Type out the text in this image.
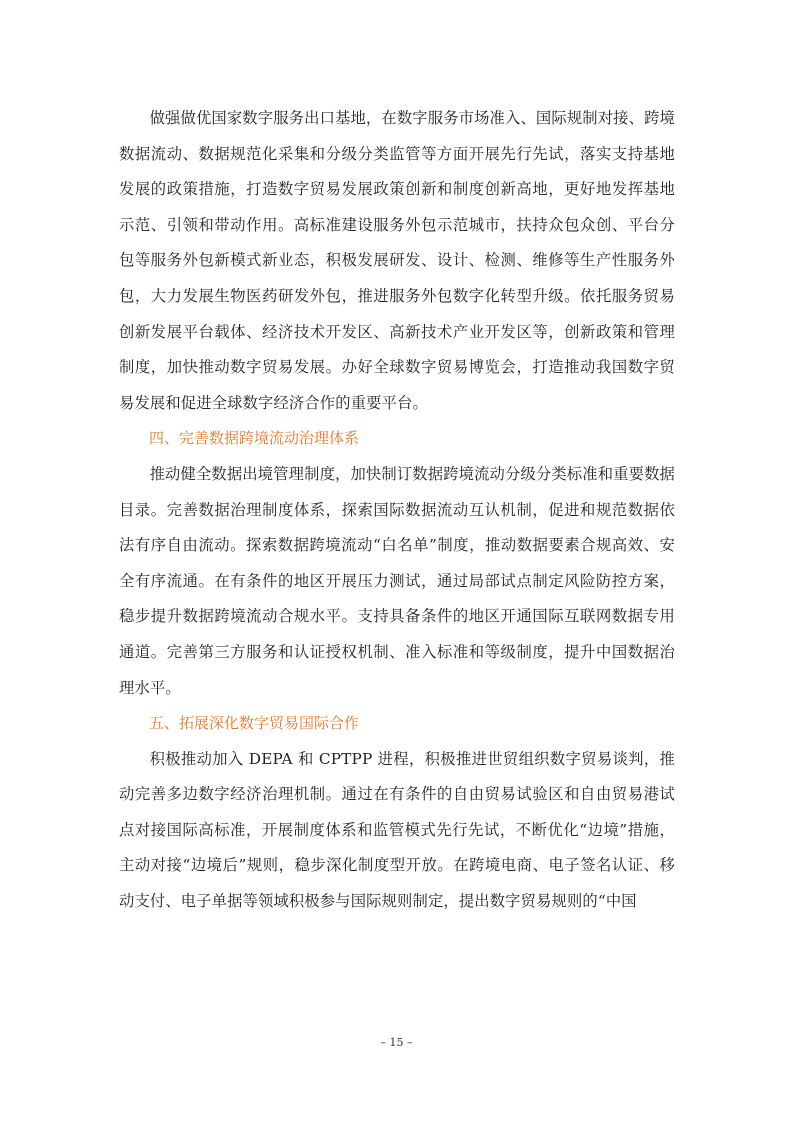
做强做优国家数字服务出口基地，在数字服务市场准入、国际规制对接、跨境数据流动、数据规范化采集和分级分类监管等方面开展先行先试，落实支持基地发展的政策措施，打造数字贸易发展政策创新和制度创新高地，更好地发挥基地示范、引领和带动作用。高标准建设服务外包示范城市，扶持众包众创、平台分包等服务外包新模式新业态，积极发展研发、设计、检测、维修等生产性服务外包，大力发展生物医药研发外包，推进服务外包数字化转型升级。依托服务贸易创新发展平台载体、经济技术开发区、高新技术产业开发区等，创新政策和管理制度，加快推动数字贸易发展。办好全球数字贸易博览会，打造推动我国数字贸易发展和促进全球数字经济合作的重要平台。

四、完善数据跨境流动治理体系

推动健全数据出境管理制度，加快制订数据跨境流动分级分类标准和重要数据目录。完善数据治理制度体系，探索国际数据流动互认机制，促进和规范数据依法有序自由流动。探索数据跨境流动“白名单”制度，推动数据要素合规高效、安全有序流通。在有条件的地区开展压力测试，通过局部试点制定风险防控方案，稳步提升数据跨境流动合规水平。支持具备条件的地区开通国际互联网数据专用通道。完善第三方服务和认证授权机制、准入标准和等级制度，提升中国数据治理水平。

五、拓展深化数字贸易国际合作

积极推动加入 DEPA 和 CPTPP 进程，积极推进世贸组织数字贸易谈判，推动完善多边数字经济治理机制。通过在有条件的自由贸易试验区和自由贸易港试点对接国际高标准，开展制度体系和监管模式先行先试，不断优化“边境”措施，主动对接“边境后”规则，稳步深化制度型开放。在跨境电商、电子签名认证、移动支付、电子单据等领域积极参与国际规则制定，提出数字贸易规则的“中国

– 15 –
